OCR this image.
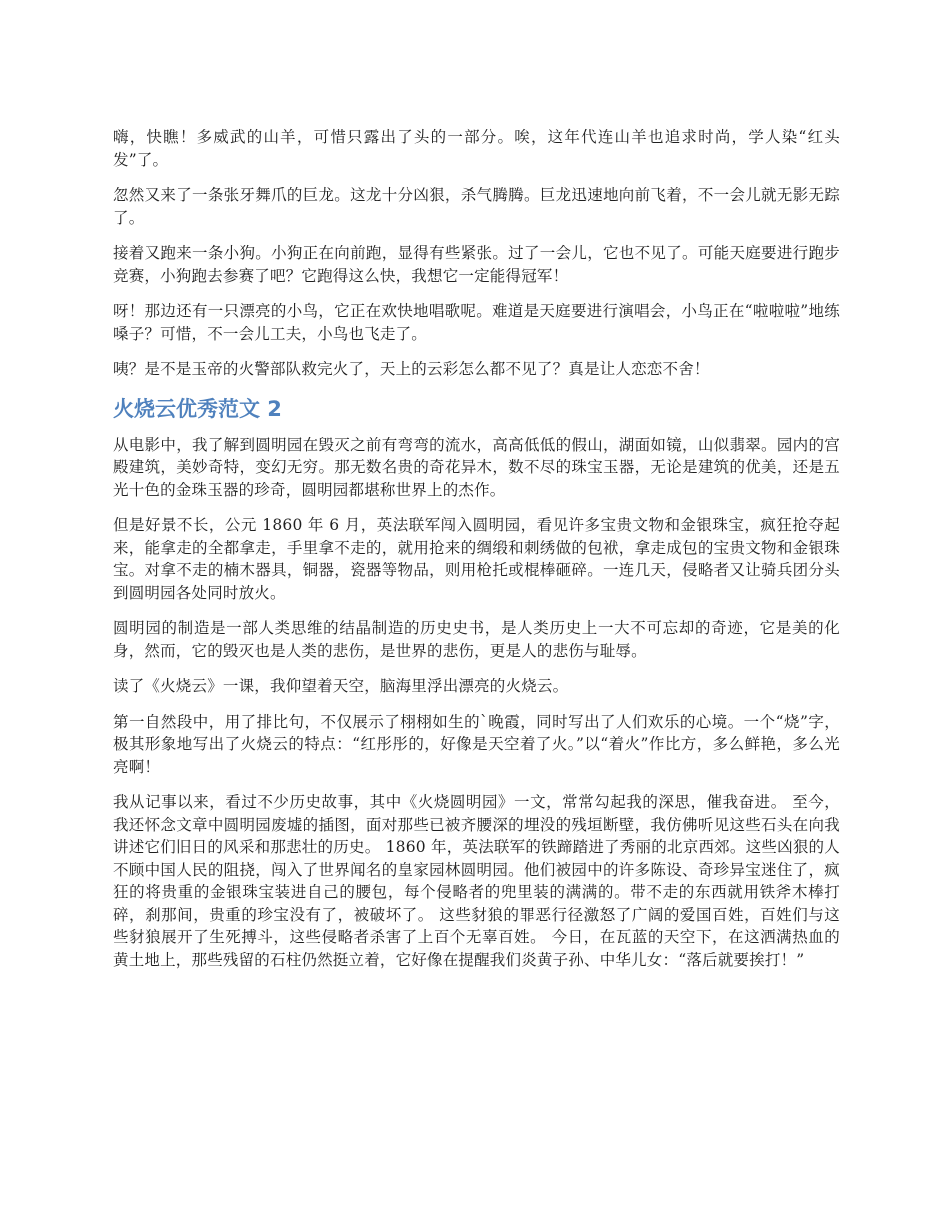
嗨，快瞧！多威武的山羊，可惜只露出了头的一部分。唉，这年代连山羊也追求时尚，学人染“红头发”了。

忽然又来了一条张牙舞爪的巨龙。这龙十分凶狠，杀气腾腾。巨龙迅速地向前飞着，不一会儿就无影无踪了。

接着又跑来一条小狗。小狗正在向前跑，显得有些紧张。过了一会儿，它也不见了。可能天庭要进行跑步竞赛，小狗跑去参赛了吧？它跑得这么快，我想它一定能得冠军！

呀！那边还有一只漂亮的小鸟，它正在欢快地唱歌呢。难道是天庭要进行演唱会，小鸟正在“啦啦啦”地练嗓子？可惜，不一会儿工夫，小鸟也飞走了。

咦？是不是玉帝的火警部队救完火了，天上的云彩怎么都不见了？真是让人恋恋不舍！

火烧云优秀范文 2

从电影中，我了解到圆明园在毁灭之前有弯弯的流水，高高低低的假山，湖面如镜，山似翡翠。园内的宫殿建筑，美妙奇特，变幻无穷。那无数名贵的奇花异木，数不尽的珠宝玉器，无论是建筑的优美，还是五光十色的金珠玉器的珍奇，圆明园都堪称世界上的杰作。

但是好景不长，公元 1860 年 6 月，英法联军闯入圆明园，看见许多宝贵文物和金银珠宝，疯狂抢夺起来，能拿走的全都拿走，手里拿不走的，就用抢来的绸缎和刺绣做的包袱，拿走成包的宝贵文物和金银珠宝。对拿不走的楠木器具，铜器，瓷器等物品，则用枪托或棍棒砸碎。一连几天，侵略者又让骑兵团分头到圆明园各处同时放火。

圆明园的制造是一部人类思维的结晶制造的历史史书，是人类历史上一大不可忘却的奇迹，它是美的化身，然而，它的毁灭也是人类的悲伤，是世界的悲伤，更是人的悲伤与耻辱。

读了《火烧云》一课，我仰望着天空，脑海里浮出漂亮的火烧云。

第一自然段中，用了排比句，不仅展示了栩栩如生的`晚霞，同时写出了人们欢乐的心境。一个“烧”字，极其形象地写出了火烧云的特点：“红彤彤的，好像是天空着了火。”以“着火”作比方，多么鲜艳，多么光亮啊！

我从记事以来，看过不少历史故事，其中《火烧圆明园》一文，常常勾起我的深思，催我奋进。 至今，我还怀念文章中圆明园废墟的插图，面对那些已被齐腰深的埋没的残垣断壁，我仿佛听见这些石头在向我讲述它们旧日的风采和那悲壮的历史。 1860 年，英法联军的铁蹄踏进了秀丽的北京西郊。这些凶狠的人不顾中国人民的阻挠，闯入了世界闻名的皇家园林圆明园。他们被园中的许多陈设、奇珍异宝迷住了，疯狂的将贵重的金银珠宝装进自己的腰包，每个侵略者的兜里装的满满的。带不走的东西就用铁斧木棒打碎，刹那间，贵重的珍宝没有了，被破坏了。 这些豺狼的罪恶行径激怒了广阔的爱国百姓，百姓们与这些豺狼展开了生死搏斗，这些侵略者杀害了上百个无辜百姓。 今日，在瓦蓝的天空下，在这洒满热血的黄土地上，那些残留的石柱仍然挺立着，它好像在提醒我们炎黄子孙、中华儿女：“落后就要挨打！”
